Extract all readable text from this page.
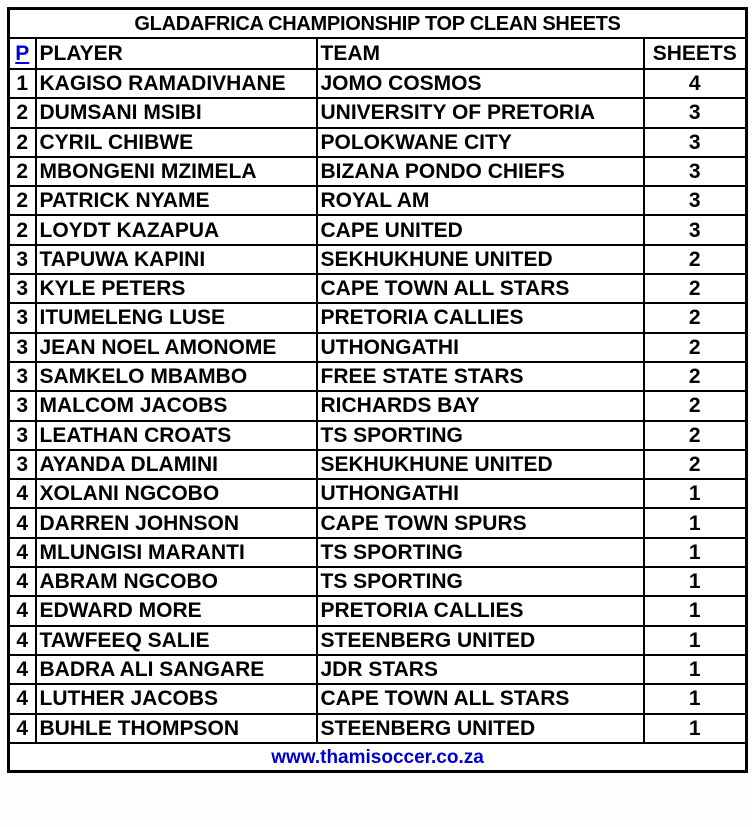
GLADAFRICA CHAMPIONSHIP TOP CLEAN SHEETS			
P	PLAYER	TEAM	SHEETS
1	KAGISO RAMADIVHANE	JOMO COSMOS	4
2	DUMSANI MSIBI	UNIVERSITY OF PRETORIA	3
2	CYRIL CHIBWE	POLOKWANE CITY	3
2	MBONGENI MZIMELA	BIZANA PONDO CHIEFS	3
2	PATRICK NYAME	ROYAL AM	3
2	LOYDT KAZAPUA	CAPE UNITED	3
3	TAPUWA KAPINI	SEKHUKHUNE UNITED	2
3	KYLE PETERS	CAPE TOWN ALL STARS	2
3	ITUMELENG LUSE	PRETORIA CALLIES	2
3	JEAN NOEL AMONOME	UTHONGATHI	2
3	SAMKELO MBAMBO	FREE STATE STARS	2
3	MALCOM JACOBS	RICHARDS BAY	2
3	LEATHAN CROATS	TS SPORTING	2
3	AYANDA DLAMINI	SEKHUKHUNE UNITED	2
4	XOLANI NGCOBO	UTHONGATHI	1
4	DARREN JOHNSON	CAPE TOWN SPURS	1
4	MLUNGISI MARANTI	TS SPORTING	1
4	ABRAM NGCOBO	TS SPORTING	1
4	EDWARD MORE	PRETORIA CALLIES	1
4	TAWFEEQ SALIE	STEENBERG UNITED	1
4	BADRA ALI SANGARE	JDR STARS	1
4	LUTHER JACOBS	CAPE TOWN ALL STARS	1
4	BUHLE THOMPSON	STEENBERG UNITED	1
www.thamisoccer.co.za			
